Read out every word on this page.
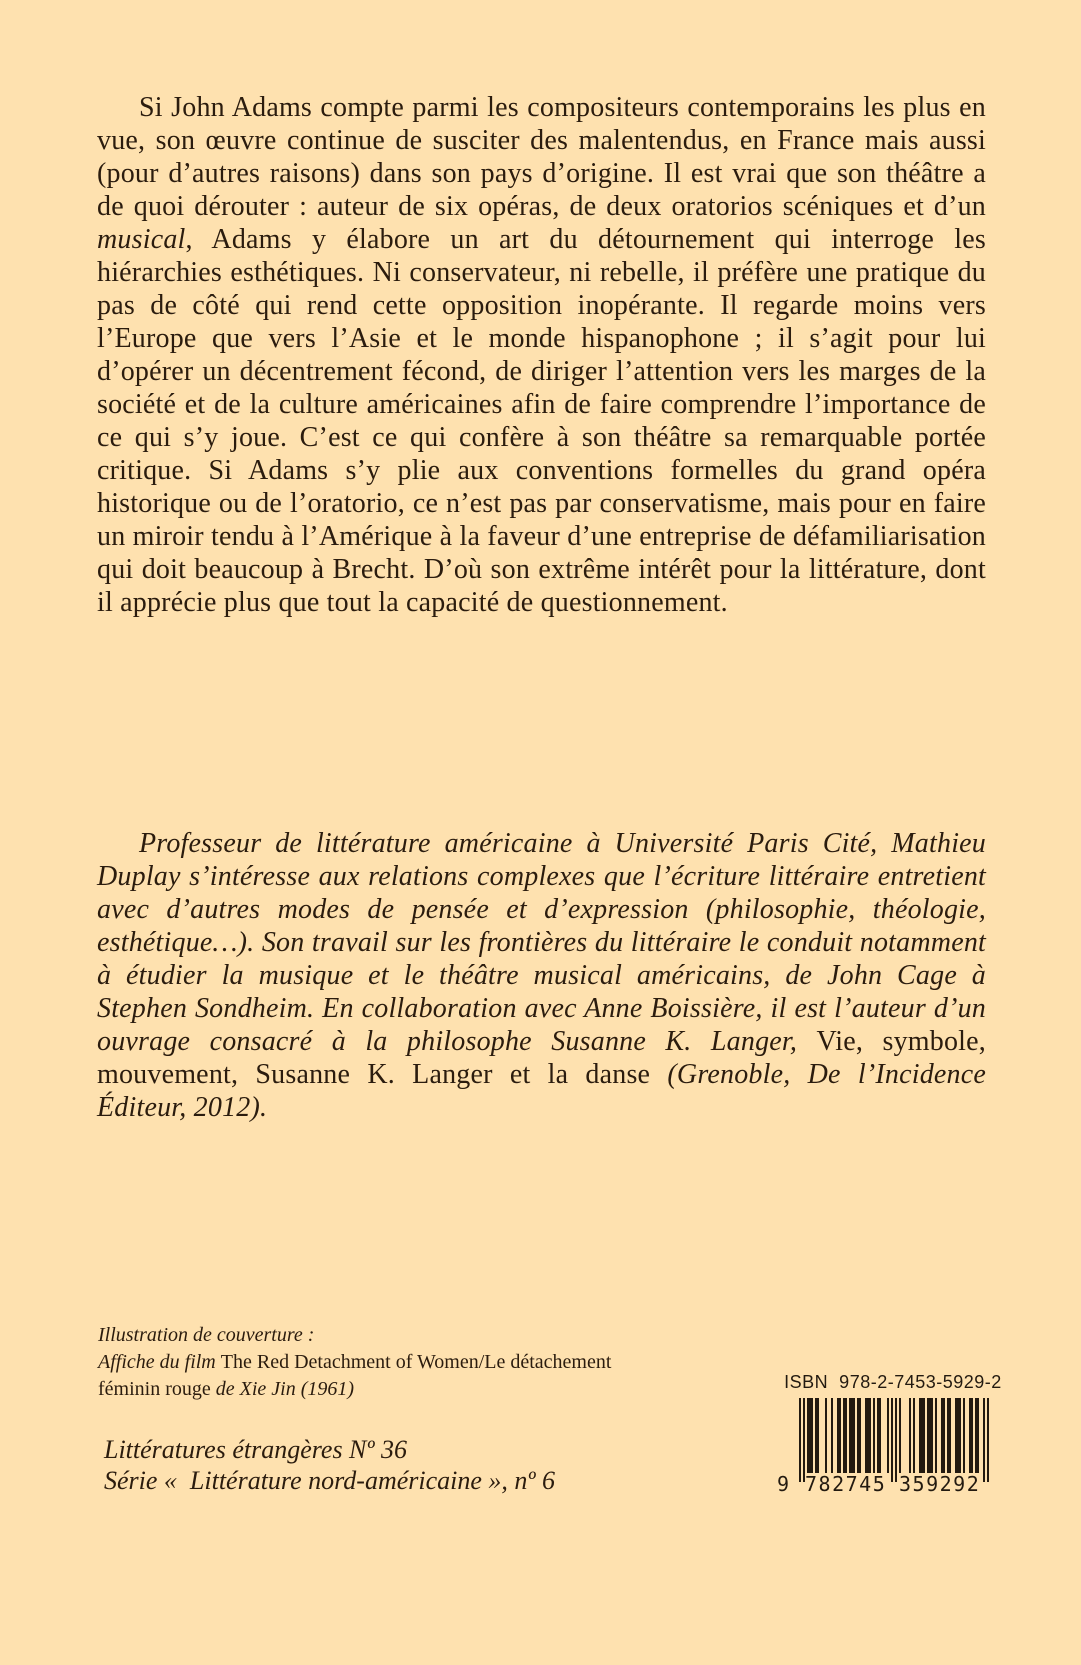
Si John Adams compte parmi les compositeurs contemporains les plus en vue, son œuvre continue de susciter des malentendus, en France mais aussi (pour d’autres raisons) dans son pays d’origine. Il est vrai que son théâtre a de quoi dérouter : auteur de six opéras, de deux oratorios scéniques et d’un musical, Adams y élabore un art du détournement qui interroge les hiérarchies esthétiques. Ni conservateur, ni rebelle, il préfère une pratique du pas de côté qui rend cette opposition inopérante. Il regarde moins vers l’Europe que vers l’Asie et le monde hispanophone ; il s’agit pour lui d’opérer un décentrement fécond, de diriger l’attention vers les marges de la société et de la culture américaines afin de faire comprendre l’importance de ce qui s’y joue. C’est ce qui confère à son théâtre sa remarquable portée critique. Si Adams s’y plie aux conventions formelles du grand opéra historique ou de l’oratorio, ce n’est pas par conservatisme, mais pour en faire un miroir tendu à l’Amérique à la faveur d’une entreprise de défamiliarisation qui doit beaucoup à Brecht. D’où son extrême intérêt pour la littérature, dont il apprécie plus que tout la capacité de questionnement.

Professeur de littérature américaine à Université Paris Cité, Mathieu Duplay s’intéresse aux relations complexes que l’écriture littéraire entretient avec d’autres modes de pensée et d’expression (philosophie, théologie, esthétique…). Son travail sur les frontières du littéraire le conduit notamment à étudier la musique et le théâtre musical américains, de John Cage à Stephen Sondheim. En collaboration avec Anne Boissière, il est l’auteur d’un ouvrage consacré à la philosophe Susanne K. Langer, Vie, symbole, mouvement, Susanne K. Langer et la danse (Grenoble, De l’Incidence Éditeur, 2012).

Illustration de couverture :
Affiche du film The Red Detachment of Women/Le détachement féminin rouge de Xie Jin (1961)
Littératures étrangères Nº 36
Série «  Littérature nord-américaine », nº 6
ISBN  978-2-7453-5929-2
9 782745 359292
